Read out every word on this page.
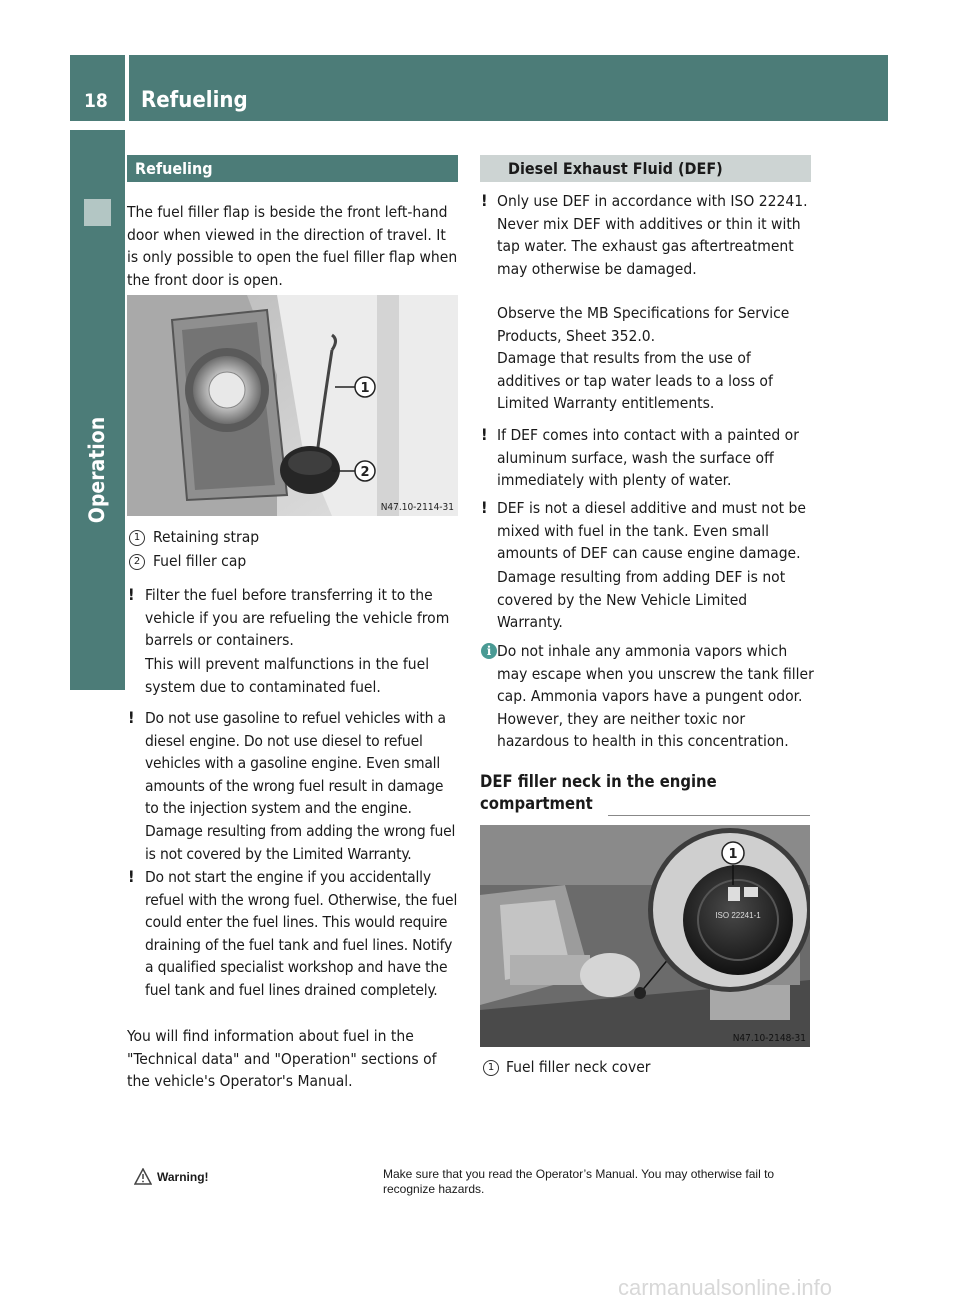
18 Refueling
Operation
Refueling

The fuel filler flap is beside the front left-hand door when viewed in the direction of travel. It is only possible to open the fuel filler flap when the front door is open.

1
2
N47.10-2114-31
1 Retaining strap
2 Fuel filler cap
! Filter the fuel before transferring it to the vehicle if you are refueling the vehicle from barrels or containers.

This will prevent malfunctions in the fuel system due to contaminated fuel.

! Do not use gasoline to refuel vehicles with a diesel engine. Do not use diesel to refuel vehicles with a gasoline engine. Even small amounts of the wrong fuel result in damage to the injection system and the engine. Damage resulting from adding the wrong fuel is not covered by the Limited Warranty.

! Do not start the engine if you accidentally refuel with the wrong fuel. Otherwise, the fuel could enter the fuel lines. This would require draining of the fuel tank and fuel lines. Notify a qualified specialist workshop and have the fuel tank and fuel lines drained completely.

You will find information about fuel in the "Technical data" and "Operation" sections of the vehicle's Operator's Manual.

Diesel Exhaust Fluid (DEF)
! Only use DEF in accordance with ISO 22241. Never mix DEF with additives or thin it with tap water. The exhaust gas aftertreatment may otherwise be damaged.

Observe the MB Specifications for Service Products, Sheet 352.0.

Damage that results from the use of additives or tap water leads to a loss of Limited Warranty entitlements.

! If DEF comes into contact with a painted or aluminum surface, wash the surface off immediately with plenty of water.

! DEF is not a diesel additive and must not be mixed with fuel in the tank. Even small amounts of DEF can cause engine damage.

Damage resulting from adding DEF is not covered by the New Vehicle Limited Warranty.

i Do not inhale any ammonia vapors which may escape when you unscrew the tank filler cap. Ammonia vapors have a pungent odor. However, they are neither toxic nor hazardous to health in this concentration.

DEF filler neck in the engine compartment
ISO 22241-1
1
N47.10-2148-31
1 Fuel filler neck cover
Warning!	Make sure that you read the Operator’s Manual. You may otherwise fail to recognize hazards.
carmanualsonline.info
